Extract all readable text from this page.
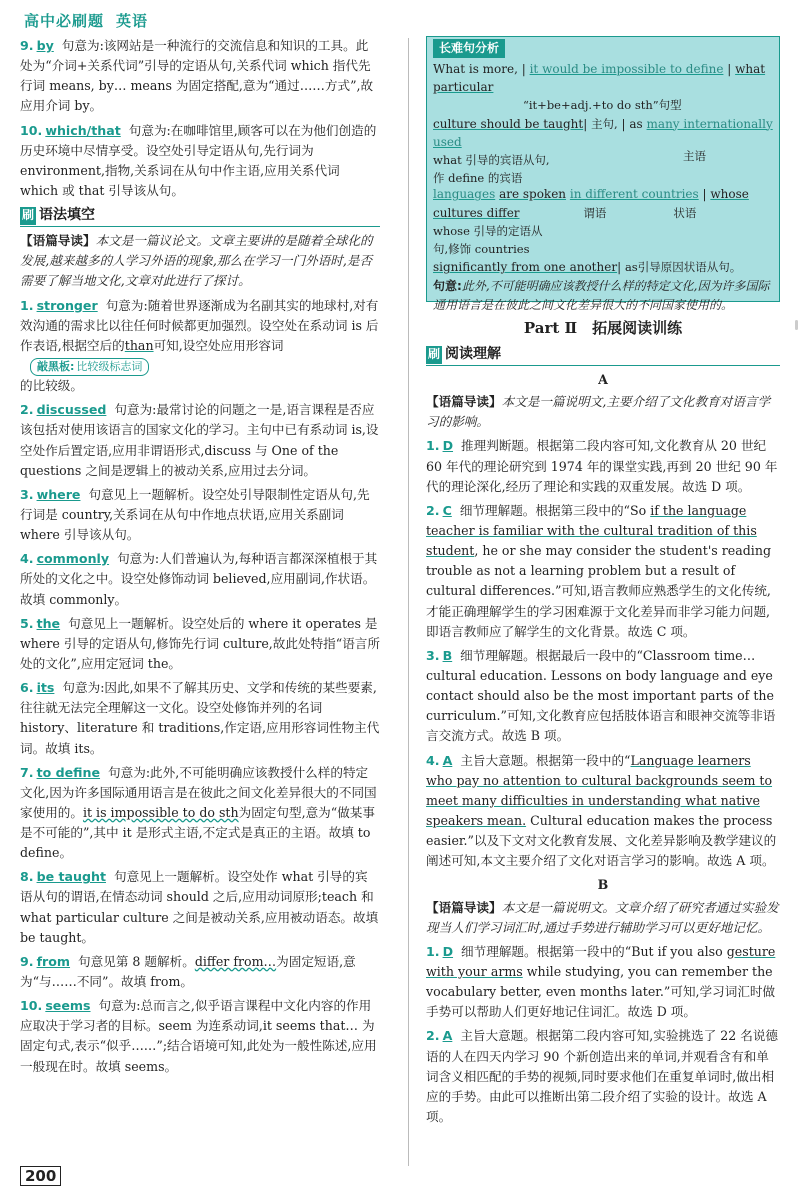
高中必刷题 英语
9. by 句意为:该网站是一种流行的交流信息和知识的工具。此处为“介词+关系代词”引导的定语从句,关系代词 which 指代先行词 means, by… means 为固定搭配,意为“通过……方式”,故应用介词 by。
10. which/that 句意为:在咖啡馆里,顾客可以在为他们创造的历史环境中尽情享受。设空处引导定语从句,先行词为 environment,指物,关系词在从句中作主语,应用关系代词 which 或 that 引导该从句。
刷 语法填空
【语篇导读】本文是一篇议论文。文章主要讲的是随着全球化的发展,越来越多的人学习外语的现象,那么在学习一门外语时,是否需要了解当地文化,文章对此进行了探讨。
1. stronger 句意为:随着世界逐渐成为名副其实的地球村,对有效沟通的需求比以往任何时候都更加强烈。设空处在系动词 is 后作表语,根据空后的than可知,设空处应用形容词
敲黑板: 比较级标志词
的比较级。
2. discussed 句意为:最常讨论的问题之一是,语言课程是否应该包括对使用该语言的国家文化的学习。主句中已有系动词 is,设空处作后置定语,应用非谓语形式,discuss 与 One of the questions 之间是逻辑上的被动关系,应用过去分词。
3. where 句意见上一题解析。设空处引导限制性定语从句,先行词是 country,关系词在从句中作地点状语,应用关系副词 where 引导该从句。
4. commonly 句意为:人们普遍认为,每种语言都深深植根于其所处的文化之中。设空处修饰动词 believed,应用副词,作状语。故填 commonly。
5. the 句意见上一题解析。设空处后的 where it operates 是 where 引导的定语从句,修饰先行词 culture,故此处特指“语言所处的文化”,应用定冠词 the。
6. its 句意为:因此,如果不了解其历史、文学和传统的某些要素,往往就无法完全理解这一文化。设空处修饰并列的名词 history、literature 和 traditions,作定语,应用形容词性物主代词。故填 its。
7. to define 句意为:此外,不可能明确应该教授什么样的特定文化,因为许多国际通用语言是在彼此之间文化差异很大的不同国家使用的。it is impossible to do sth为固定句型,意为“做某事是不可能的”,其中 it 是形式主语,不定式是真正的主语。故填 to define。
8. be taught 句意见上一题解析。设空处作 what 引导的宾语从句的谓语,在情态动词 should 之后,应用动词原形;teach 和 what particular culture 之间是被动关系,应用被动语态。故填 be taught。
9. from 句意见第 8 题解析。differ from…为固定短语,意为“与……不同”。故填 from。
10. seems 句意为:总而言之,似乎语言课程中文化内容的作用应取决于学习者的目标。seem 为连系动词,it seems that… 为固定句式,表示“似乎……”;结合语境可知,此处为一般性陈述,应用一般现在时。故填 seems。
长难句分析
What is more, | it would be impossible to define | what particular
“it+be+adj.+to do sth”句型
culture should be taught| 主句, | as many internationally used
what 引导的宾语从句,
作 define 的宾语
主语
languages are spoken in different countries | whose cultures differ	谓语	状语whose 引导的定语从句,修饰 countries
significantly from one another| as引导原因状语从句。
句意:此外,不可能明确应该教授什么样的特定文化,因为许多国际通用语言是在彼此之间文化差异很大的不同国家使用的。
Part Ⅱ　拓展阅读训练
刷 阅读理解
A
【语篇导读】本文是一篇说明文,主要介绍了文化教育对语言学习的影响。
1. D 推理判断题。根据第二段内容可知,文化教育从 20 世纪 60 年代的理论研究到 1974 年的课堂实践,再到 20 世纪 90 年代的理论深化,经历了理论和实践的双重发展。故选 D 项。
2. C 细节理解题。根据第三段中的“So if the language teacher is familiar with the cultural tradition of this student, he or she may consider the student's reading trouble as not a learning problem but a result of cultural differences.”可知,语言教师应熟悉学生的文化传统,才能正确理解学生的学习困难源于文化差异而非学习能力问题,即语言教师应了解学生的文化背景。故选 C 项。
3. B 细节理解题。根据最后一段中的“Classroom time… cultural education. Lessons on body language and eye contact should also be the most important parts of the curriculum.”可知,文化教育应包括肢体语言和眼神交流等非语言交流方式。故选 B 项。
4. A 主旨大意题。根据第一段中的“Language learners who pay no attention to cultural backgrounds seem to meet many difficulties in understanding what native speakers mean. Cultural education makes the process easier.”以及下文对文化教育发展、文化差异影响及教学建议的阐述可知,本文主要介绍了文化对语言学习的影响。故选 A 项。
B
【语篇导读】本文是一篇说明文。文章介绍了研究者通过实验发现当人们学习词汇时,通过手势进行辅助学习可以更好地记忆。
1. D 细节理解题。根据第一段中的“But if you also gesture with your arms while studying, you can remember the vocabulary better, even months later.”可知,学习词汇时做手势可以帮助人们更好地记住词汇。故选 D 项。
2. A 主旨大意题。根据第二段内容可知,实验挑选了 22 名说德语的人在四天内学习 90 个新创造出来的单词,并观看含有和单词含义相匹配的手势的视频,同时要求他们在重复单词时,做出相应的手势。由此可以推断出第二段介绍了实验的设计。故选 A 项。
200
